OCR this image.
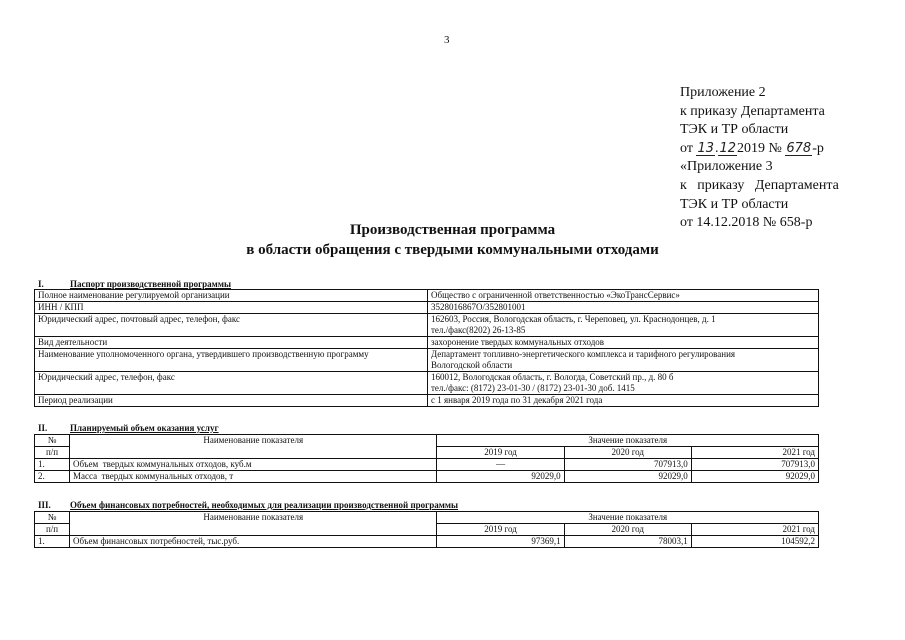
3
Приложение 2
к приказу Департамента
ТЭК и ТР области
от 13.122019 № 678-р
«Приложение 3
к   приказу   Департамента
ТЭК и ТР области
от 14.12.2018 № 658-р
Производственная программа
в области обращения с твердыми коммунальными отходами
I.	Паспорт производственной программы
Полное наименование регулируемой организации	Общество с ограниченной ответственностью «ЭкоТрансСервис»
ИНН / КПП	3528016867О/352801001
Юридический адрес, почтовый адрес, телефон, факс	162603, Россия, Вологодская область, г. Череповец, ул. Краснодонцев, д. 1
тел./факс(8202) 26-13-85

Вид деятельности	захоронение твердых коммунальных отходов
Наименование уполномоченного органа, утвердившего производственную программу	Департамент топливно-энергетического комплекса и тарифного регулирования
Вологодской области

Юридический адрес, телефон, факс	160012, Вологодская область, г. Вологда, Советский пр., д. 80 б
тел./факс: (8172) 23-01-30 / (8172) 23-01-30 доб. 1415

Период реализации	с 1 января 2019 года по 31 декабря 2021 года
II.	Планируемый объем оказания услуг
№	Наименование показателя	Значение показателя		
п/п		2019 год	2020 год	2021 год
1.	Объем  твердых коммунальных отходов, куб.м	—	707913,0	707913,0
2.	Масса  твердых коммунальных отходов, т	92029,0	92029,0	92029,0
III. Объем финансовых потребностей, необходимых для реализации производственной программы
№	Наименование показателя	Значение показателя		
п/п		2019 год	2020 год	2021 год
1.	Объем финансовых потребностей, тыс.руб.	97369,1	78003,1	104592,2
